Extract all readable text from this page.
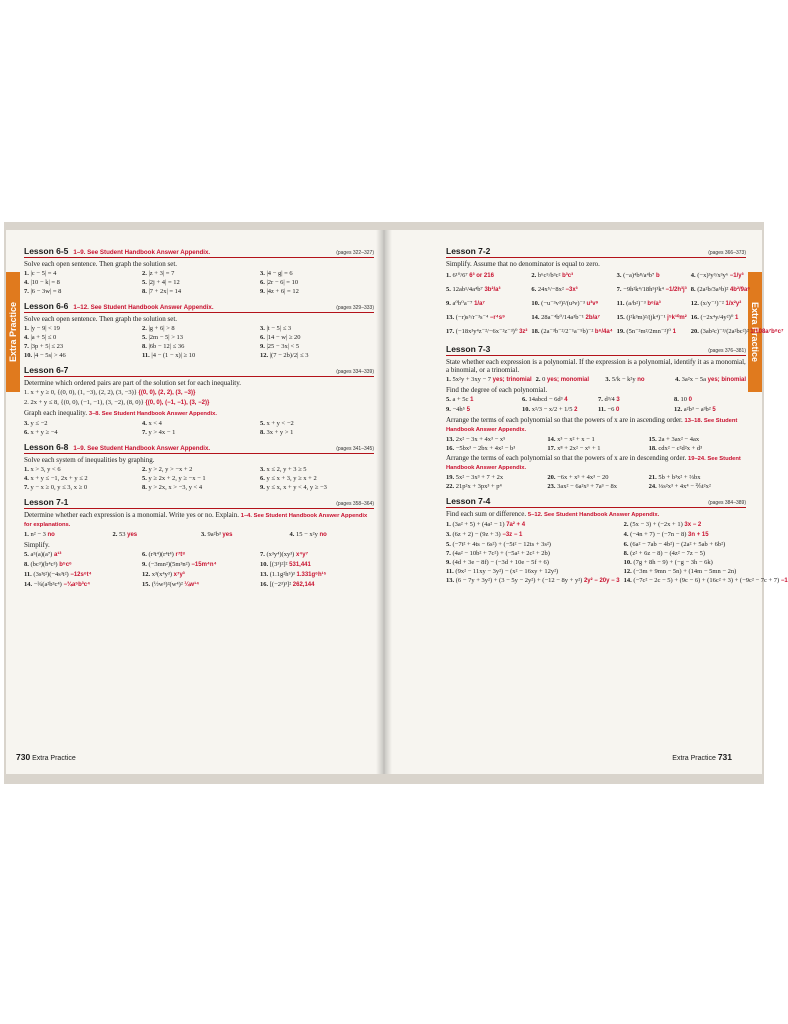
Extra Practice
Lesson 6-5 1–9. See Student Handbook Answer Appendix.	(pages 322–327)
Solve each open sentence. Then graph the solution set.
1. |c − 5| = 4	2. |z + 3| = 7	3. |4 − g| = 6
4. |10 − k| = 8	5. |2j + 4| = 12	6. |2r − 6| = 10
7. |6 − 3w| = 8	8. |7 + 2x| = 14	9. |4z + 6| = 12
Lesson 6-6 1–12. See Student Handbook Answer Appendix.	(pages 329–333)
Solve each open sentence. Then graph the solution set.
1. |y − 9| < 19	2. |g + 6| > 8	3. |t − 5| ≤ 3
4. |a + 5| ≤ 0	5. |2m − 5| > 13	6. |14 − w| ≥ 20
7. |3p + 5| ≤ 23	8. |6b − 12| ≤ 36	9. |25 − 3x| < 5
10. |4 − 5s| > 46	11. |4 − (1 − x)| ≥ 10	12. |(7 − 2b)/2| ≤ 3
Lesson 6-7	(pages 334–339)
Determine which ordered pairs are part of the solution set for each inequality.
1. x + y ≥ 0, {(0, 0), (1, −3), (2, 2), (3, −3)} {(0, 0), (2, 2), (3, −3)}
2. 2x + y ≤ 8, {(0, 0), (−1, −1), (3, −2), (8, 0)} {(0, 0), (−1, −1), (3, −2)}
Graph each inequality. 3–8. See Student Handbook Answer Appendix.
3. y ≤ −2	4. x < 4	5. x + y < −2
6. x + y ≥ −4	7. y > 4x − 1	8. 3x + y > 1
Lesson 6-8 1–9. See Student Handbook Answer Appendix.	(pages 341–345)
Solve each system of inequalities by graphing.
1. x > 3, y < 6	2. y > 2, y > −x + 2	3. x ≤ 2, y + 3 ≥ 5
4. x + y ≤ −1, 2x + y ≤ 2	5. y ≥ 2x + 2, y ≥ −x − 1	6. y ≤ x + 3, y ≥ x + 2
7. y − x ≥ 0, y ≤ 3, x ≥ 0	8. y > 2x, x > −3, y < 4	9. y ≤ x, x + y < 4, y ≥ −3
Lesson 7-1	(pages 358–364)
Determine whether each expression is a monomial. Write yes or no. Explain. 1–4. See Student Handbook Answer Appendix for explanations.
1. n² − 3 no	2. 53 yes	3. 9a²b³ yes	4. 15 − x²y no
Simplify.
5. a⁵(a)(a⁷) a¹³	6. (r³t⁴)(r⁴t⁴) r⁷t⁸	7. (x³y⁴)(xy³) x⁴y⁷
8. (bc³)(b⁴c³) b⁵c⁶	9. (−3mn²)(5m³n²) −15m⁴n⁴	10. [(3³)²]² 531,441
11. (3s³t²)(−4s³t²) −12s⁶t⁴	12. x³(x⁴y³) x⁷y³	13. (1.1g²h⁵)³ 1.331g⁶h¹⁵
14. −¾(a²b³c⁴) −¾a⁵b³c⁴	15. (½w³)²(w⁴)² ¼w¹⁴	16. [(−2³)³]² 262,144
730 Extra Practice
Extra Practice
Lesson 7-2	(pages 366–373)
Simplify. Assume that no denominator is equal to zero.
1. 6¹⁰/6⁷ 6³ or 216	2. b⁶c⁵/b³c² b³c³	3. (−a)⁴b⁸/a⁴b⁷ b	4. (−x)³y³/x³y⁶ −1/y³
5. 12ab¹/4a⁴b⁷ 3b²/a³	6. 24x⁵/−8x² −3x³	7. −9h²k⁴/18h⁵j³k⁴ −1/2h³j³ 8. (2a²b/3a⁵b)² 4b²/9a⁶
9. a⁰b⁰a⁻⁷ 1/a⁷	10. (−u⁻³v³)²/(u³v)⁻³ u³v⁹	11. (a/b²)⁻³ b⁶/a³	12. (x/y⁻¹)⁻² 1/x²y²
13. (−r)s⁵/r⁻³s⁻⁴ −r⁴s⁹	14. 28a⁻⁴b⁰/14a³b⁻¹ 2b/a⁷	15. (j²k³m)²/(jk⁴)⁻¹ j⁵k¹⁰m² 16. (−2x⁴y/4y²)⁰ 1
17. (−18x³y⁴z⁻²/−6x⁻²z⁻³)⁰ 3z² 18. (2a⁻³b⁻²/2⁻¹a⁻⁵b)⁻² b⁶/4a⁴ 19. (5n⁻²m²/2mn⁻²)⁰ 1	20. (3ab²c)⁻³/(2a²bc²)² 1/108a⁷b⁸c⁷
Lesson 7-3	(pages 376–381)
State whether each expression is a polynomial. If the expression is a polynomial, identify it as a monomial, a binomial, or a trinomial.
1. 5x²y + 3xy − 7 yes; trinomial 2. 0 yes; monomial	3. 5/k − k²y no	4. 3a²x − 5a yes; binomial
Find the degree of each polynomial.
5. a + 5c 1	6. 14abcd − 6d³ 4	7. d³/4 3	8. 10 0
9. −4h⁵ 5	10. x²/3 − x/2 + 1/5 2	11. −6 0	12. a²b³ − a³b² 5
Arrange the terms of each polynomial so that the powers of x are in ascending order. 13–18. See Student Handbook Answer Appendix.
13. 2x² − 3x + 4x³ − x⁵	14. x³ − x² + x − 1	15. 2a + 3ax² − 4ax
16. −5bx³ − 2bx + 4x² − b³	17. x⁸ + 2x² − x⁶ + 1	18. cdx² − c²d²x + d³
Arrange the terms of each polynomial so that the powers of x are in descending order. 19–24. See Student Handbook Answer Appendix.
19. 5x² − 3x³ + 7 + 2x	20. −6x + x⁵ + 4x³ − 20	21. 5b + b³x² + ⅔bx
22. 21p²x + 3px³ + p⁴	23. 3ax² − 6a²x³ + 7a³ − 8x	24. ⅓s²x³ + 4x⁴ − ⅖t²x²
Lesson 7-4	(pages 384–389)
Find each sum or difference. 5–12. See Student Handbook Answer Appendix.
1. (3a² + 5) + (4a² − 1) 7a² + 4	2. (5x − 3) + (−2x + 1) 3x − 2
3. (6z + 2) − (9z + 3) −3z − 1	4. (−4n + 7) − (−7n − 8) 3n + 15
5. (−7t² + 4ts − 6s²) + (−5t² − 12ts + 3s²)	6. (6a² − 7ab − 4b²) − (2a² + 5ab + 6b²)
7. (4a² − 10b² + 7c²) + (−5a² + 2c² + 2b)	8. (z² + 6z − 8) − (4z² − 7z − 5)
9. (4d + 3e − 8f) − (−3d + 10e − 5f + 6)	10. (7g + 8h − 9) + (−g − 3h − 6k)
11. (9x² − 11xy − 3y²) − (x² − 16xy + 12y²)	12. (−3m + 9mn − 5n) + (14m − 5mn − 2n)
13. (6 − 7y + 3y²) + (3 − 5y − 2y²) + (−12 − 8y + y²) 2y² − 20y − 3 14. (−7c² − 2c − 5) + (9c − 6) + (16c² + 3) + (−9c² − 7c + 7) −1
Extra Practice 731
